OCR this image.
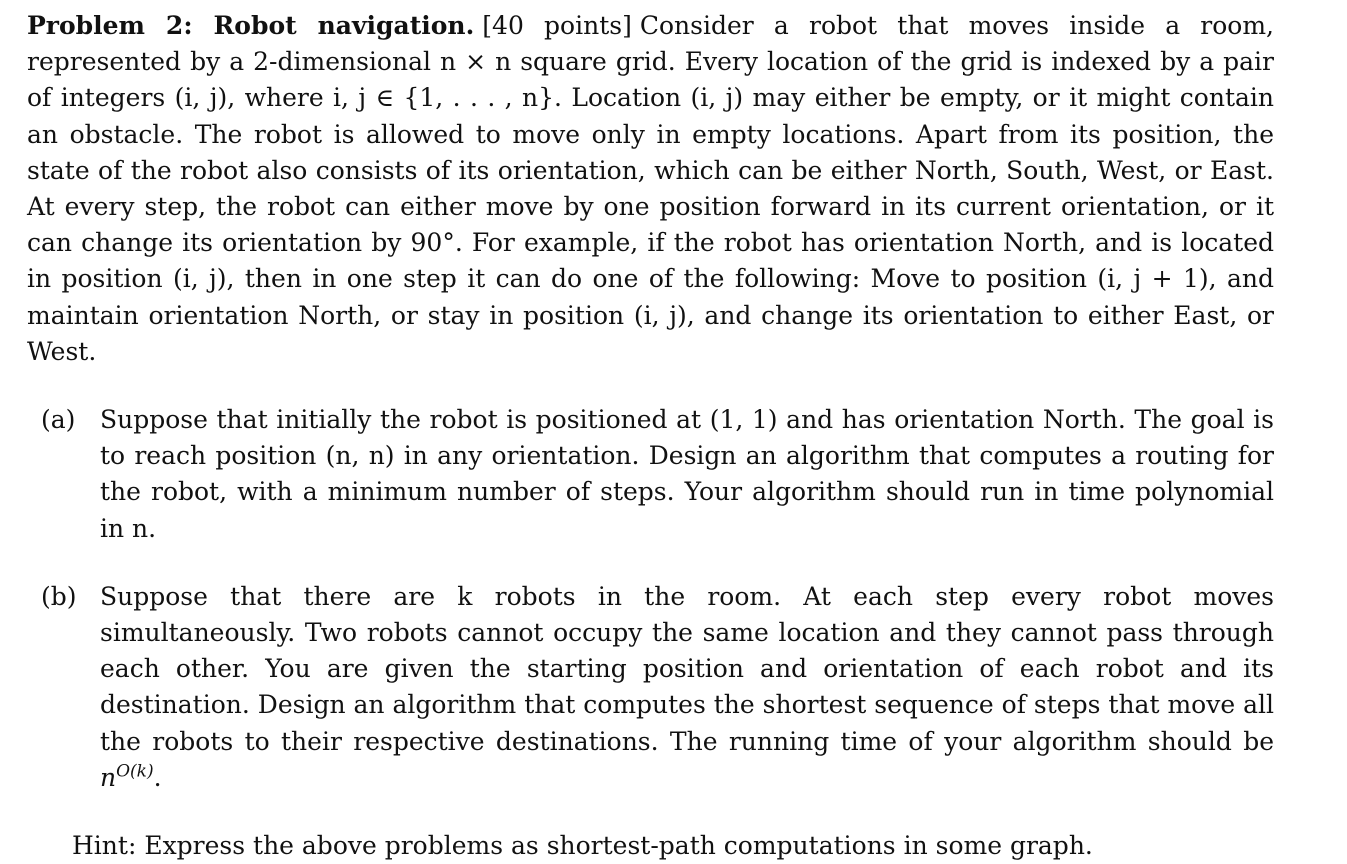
Problem 2: Robot navigation. [40 points] Consider a robot that moves inside a room, represented by a 2-dimensional n × n square grid. Every location of the grid is indexed by a pair of integers (i, j), where i, j ∈ {1, . . . , n}. Location (i, j) may either be empty, or it might contain an obstacle. The robot is allowed to move only in empty locations. Apart from its position, the state of the robot also consists of its orientation, which can be either North, South, West, or East. At every step, the robot can either move by one position forward in its current orientation, or it can change its orientation by 90°. For example, if the robot has orientation North, and is located in position (i, j), then in one step it can do one of the following: Move to position (i, j + 1), and maintain orientation North, or stay in position (i, j), and change its orientation to either East, or West.

(a) Suppose that initially the robot is positioned at (1, 1) and has orientation North. The goal is to reach position (n, n) in any orientation. Design an algorithm that computes a routing for the robot, with a minimum number of steps. Your algorithm should run in time polynomial in n.

(b) Suppose that there are k robots in the room. At each step every robot moves simultaneously. Two robots cannot occupy the same location and they cannot pass through each other. You are given the starting position and orientation of each robot and its destination. Design an algorithm that computes the shortest sequence of steps that move all the robots to their respective destinations. The running time of your algorithm should be $n^{O(k)}$.

Hint: Express the above problems as shortest-path computations in some graph.
